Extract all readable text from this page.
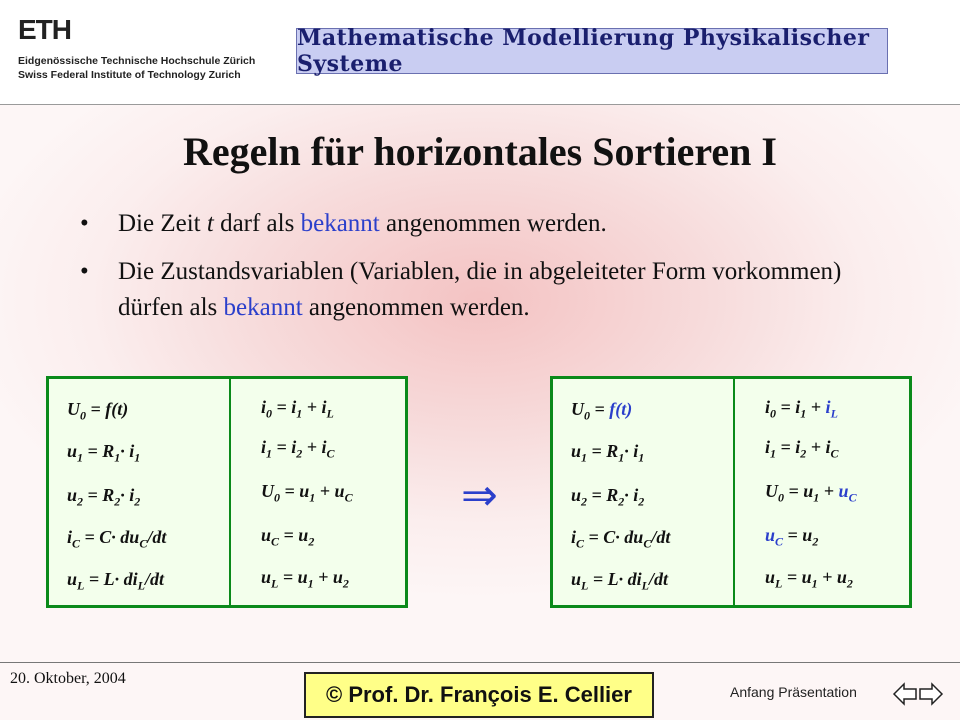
ETH
Eidgenössische Technische Hochschule Zürich
Swiss Federal Institute of Technology Zurich
Mathematische Modellierung Physikalischer Systeme
Regeln für horizontales Sortieren I
• Die Zeit t darf als bekannt angenommen werden.
• Die Zustandsvariablen (Variablen, die in abgeleiteter Form vorkommen) dürfen als bekannt angenommen werden.
$U_0 = f(t)$
$u_1 = R_1\cdot i_1$
$u_2 = R_2\cdot i_2$
$i_C = C\cdot du_C/dt$
$u_L = L\cdot di_L/dt$
$i_0 = i_1 + i_L$
$i_1 = i_2 + i_C$
$U_0 = u_1 + u_C$
$u_C = u_2$
$u_L = u_1 + u_2$
⇒
$U_0 = f(t)$
$u_1 = R_1\cdot i_1$
$u_2 = R_2\cdot i_2$
$i_C = C\cdot du_C/dt$
$u_L = L\cdot di_L/dt$
$i_0 = i_1 + i_L$
$i_1 = i_2 + i_C$
$U_0 = u_1 + u_C$
$u_C = u_2$
$u_L = u_1 + u_2$
20. Oktober, 2004
© Prof. Dr. François E. Cellier	Anfang Präsentation
